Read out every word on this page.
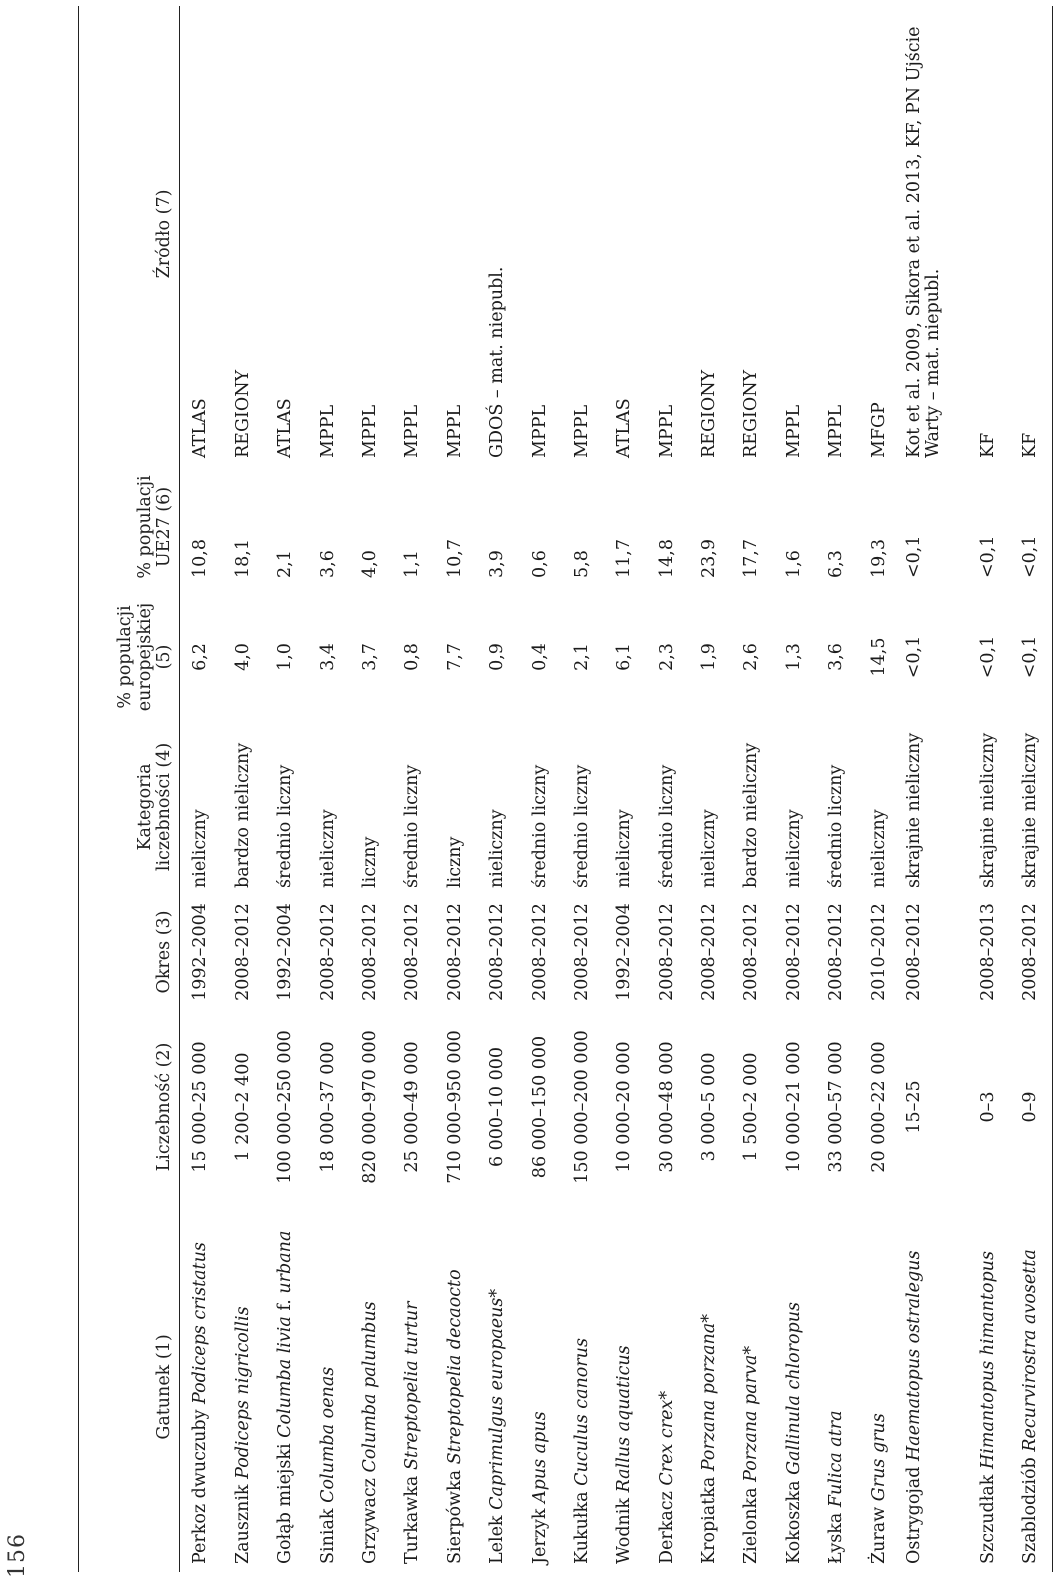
156
Gatunek (1)	Liczebność (2)	Okres (3)	Kategoria liczebności (4)	% populacji europejskiej (5)	% populacji UE27 (6)	Źródło (7)
Perkoz dwuczuby Podiceps cristatus	15 000–25 000	1992–2004	nieliczny	6,2	10,8	ATLAS
Zausznik Podiceps nigricollis	1 200–2 400	2008–2012	bardzo nieliczny	4,0	18,1	REGIONY
Gołąb miejski Columba livia f. urbana	100 000–250 000	1992–2004	średnio liczny	1,0	2,1	ATLAS
Siniak Columba oenas	18 000–37 000	2008–2012	nieliczny	3,4	3,6	MPPL
Grzywacz Columba palumbus	820 000–970 000	2008–2012	liczny	3,7	4,0	MPPL
Turkawka Streptopelia turtur	25 000–49 000	2008–2012	średnio liczny	0,8	1,1	MPPL
Sierpówka Streptopelia decaocto	710 000–950 000	2008–2012	liczny	7,7	10,7	MPPL
Lelek Caprimulgus europaeus*	6 000–10 000	2008–2012	nieliczny	0,9	3,9	GDOŚ – mat. niepubl.
Jerzyk Apus apus	86 000–150 000	2008–2012	średnio liczny	0,4	0,6	MPPL
Kukułka Cuculus canorus	150 000–200 000	2008–2012	średnio liczny	2,1	5,8	MPPL
Wodnik Rallus aquaticus	10 000–20 000	1992–2004	nieliczny	6,1	11,7	ATLAS
Derkacz Crex crex*	30 000–48 000	2008–2012	średnio liczny	2,3	14,8	MPPL
Kropiatka Porzana porzana*	3 000–5 000	2008–2012	nieliczny	1,9	23,9	REGIONY
Zielonka Porzana parva*	1 500–2 000	2008–2012	bardzo nieliczny	2,6	17,7	REGIONY
Kokoszka Gallinula chloropus	10 000–21 000	2008–2012	nieliczny	1,3	1,6	MPPL
Łyska Fulica atra	33 000–57 000	2008–2012	średnio liczny	3,6	6,3	MPPL
Żuraw Grus grus	20 000–22 000	2010–2012	nieliczny	14,5	19,3	MFGP
Ostrygojad Haematopus ostralegus	15–25	2008–2012	skrajnie nieliczny	<0,1	<0,1	Kot et al. 2009, Sikora et al. 2013, KF, PN Ujście Warty – mat. niepubl.
Szczudłak Himantopus himantopus	0–3	2008–2013	skrajnie nieliczny	<0,1	<0,1	KF
Szablodziób Recurvirostra avosetta	0–9	2008–2012	skrajnie nieliczny	<0,1	<0,1	KF
